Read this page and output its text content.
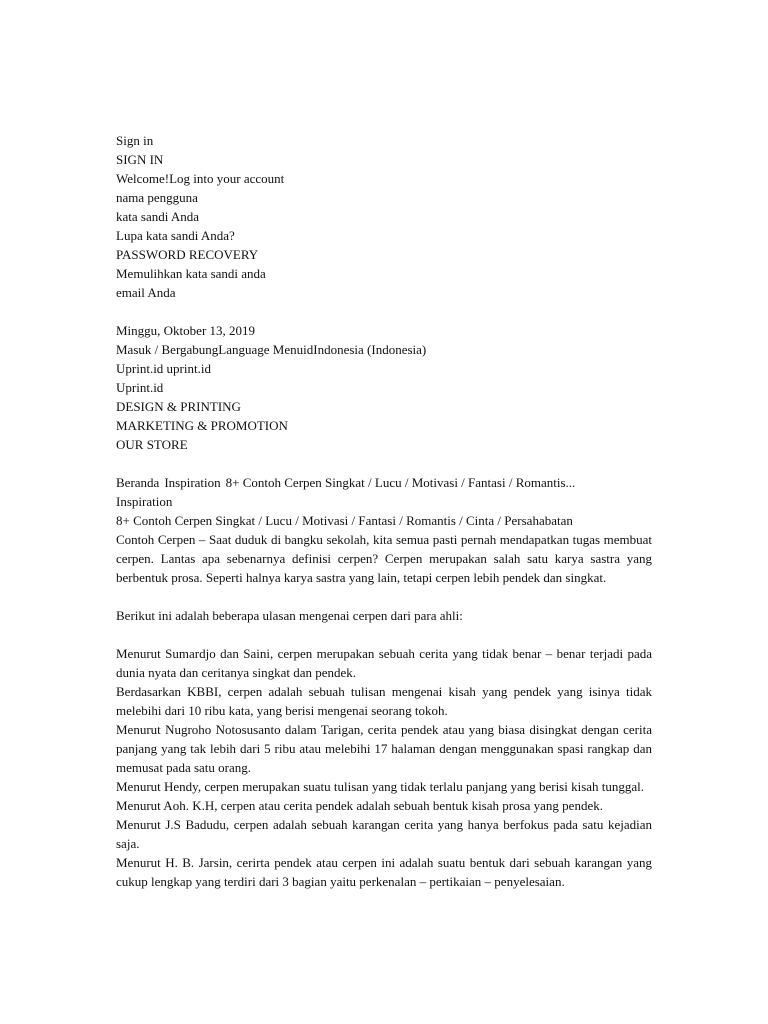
Sign in
SIGN IN
Welcome!Log into your account
nama pengguna
kata sandi Anda
Lupa kata sandi Anda?
PASSWORD RECOVERY
Memulihkan kata sandi anda
email Anda
Minggu, Oktober 13, 2019
Masuk / BergabungLanguage MenuidIndonesia (Indonesia)
Uprint.id uprint.id
Uprint.id
DESIGN & PRINTING
MARKETING & PROMOTION
OUR STORE
Beranda Inspiration 8+ Contoh Cerpen Singkat / Lucu / Motivasi / Fantasi / Romantis...
Inspiration
8+ Contoh Cerpen Singkat / Lucu / Motivasi / Fantasi / Romantis / Cinta / Persahabatan

Contoh Cerpen – Saat duduk di bangku sekolah, kita semua pasti pernah mendapatkan tugas membuat cerpen. Lantas apa sebenarnya definisi cerpen? Cerpen merupakan salah satu karya sastra yang berbentuk prosa. Seperti halnya karya sastra yang lain, tetapi cerpen lebih pendek dan singkat.

Berikut ini adalah beberapa ulasan mengenai cerpen dari para ahli:

Menurut Sumardjo dan Saini, cerpen merupakan sebuah cerita yang tidak benar – benar terjadi pada dunia nyata dan ceritanya singkat dan pendek.

Berdasarkan KBBI, cerpen adalah sebuah tulisan mengenai kisah yang pendek yang isinya tidak melebihi dari 10 ribu kata, yang berisi mengenai seorang tokoh.

Menurut Nugroho Notosusanto dalam Tarigan, cerita pendek atau yang biasa disingkat dengan cerita panjang yang tak lebih dari 5 ribu atau melebihi 17 halaman dengan menggunakan spasi rangkap dan memusat pada satu orang.

Menurut Hendy, cerpen merupakan suatu tulisan yang tidak terlalu panjang yang berisi kisah tunggal.

Menurut Aoh. K.H, cerpen atau cerita pendek adalah sebuah bentuk kisah prosa yang pendek.

Menurut J.S Badudu, cerpen adalah sebuah karangan cerita yang hanya berfokus pada satu kejadian saja.

Menurut H. B. Jarsin, cerirta pendek atau cerpen ini adalah suatu bentuk dari sebuah karangan yang cukup lengkap yang terdiri dari 3 bagian yaitu perkenalan – pertikaian – penyelesaian.
